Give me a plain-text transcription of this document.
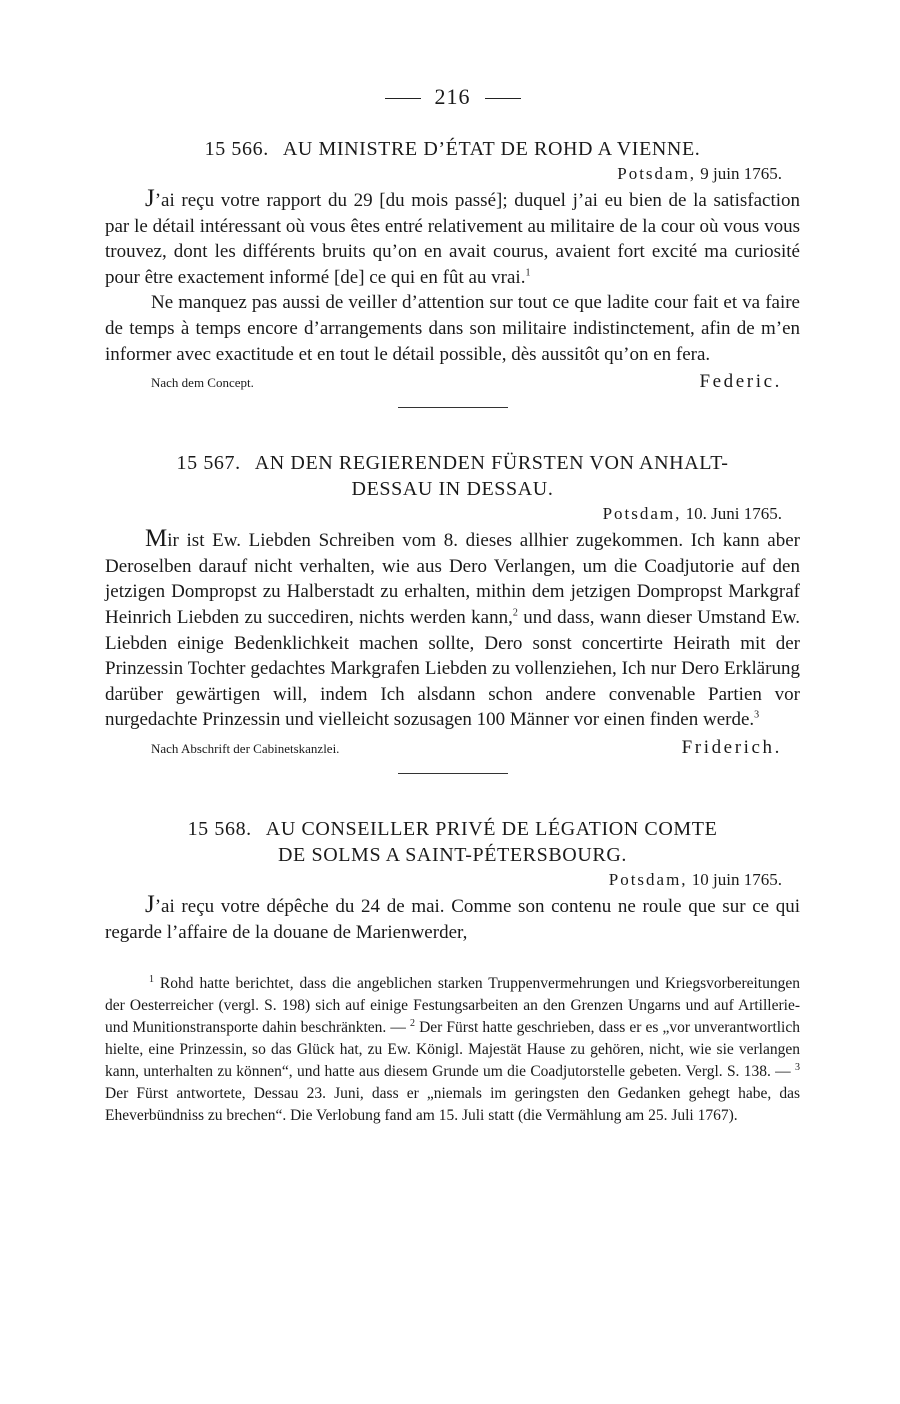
216

15 566. AU MINISTRE D’ÉTAT DE ROHD A VIENNE.

Potsdam, 9 juin 1765.

J’ai reçu votre rapport du 29 [du mois passé]; duquel j’ai eu bien de la satisfaction par le détail intéressant où vous êtes entré relativement au militaire de la cour où vous vous trouvez, dont les différents bruits qu’on en avait courus, avaient fort excité ma curiosité pour être exactement informé [de] ce qui en fût au vrai.$^1$

Ne manquez pas aussi de veiller d’attention sur tout ce que ladite cour fait et va faire de temps à temps encore d’arrangements dans son militaire indistinctement, afin de m’en informer avec exactitude et en tout le détail possible, dès aussitôt qu’on en fera.

Nach dem Concept.	Federic.

15 567. AN DEN REGIERENDEN FÜRSTEN VON ANHALT-
DESSAU IN DESSAU.

Potsdam, 10. Juni 1765.

Mir ist Ew. Liebden Schreiben vom 8. dieses allhier zugekommen. Ich kann aber Deroselben darauf nicht verhalten, wie aus Dero Verlangen, um die Coadjutorie auf den jetzigen Dompropst zu Halberstadt zu erhalten, mithin dem jetzigen Dompropst Markgraf Heinrich Liebden zu succediren, nichts werden kann,$^2$ und dass, wann dieser Umstand Ew. Liebden einige Bedenklichkeit machen sollte, Dero sonst concertirte Heirath mit der Prinzessin Tochter gedachtes Markgrafen Liebden zu vollenziehen, Ich nur Dero Erklärung darüber gewärtigen will, indem Ich alsdann schon andere convenable Partien vor nurgedachte Prinzessin und vielleicht sozusagen 100 Männer vor einen finden werde.$^3$

Nach Abschrift der Cabinetskanzlei.	Friderich.

15 568. AU CONSEILLER PRIVÉ DE LÉGATION COMTE
DE SOLMS A SAINT-PÉTERSBOURG.

Potsdam, 10 juin 1765.

J’ai reçu votre dépêche du 24 de mai. Comme son contenu ne roule que sur ce qui regarde l’affaire de la douane de Marienwerder,

$^1$ Rohd hatte berichtet, dass die angeblichen starken Truppenvermehrungen und Kriegsvorbereitungen der Oesterreicher (vergl. S. 198) sich auf einige Festungsarbeiten an den Grenzen Ungarns und auf Artillerie- und Munitionstransporte dahin beschränkten. — $^2$ Der Fürst hatte geschrieben, dass er es „vor unverantwortlich hielte, eine Prinzessin, so das Glück hat, zu Ew. Königl. Majestät Hause zu gehören, nicht, wie sie verlangen kann, unterhalten zu können“, und hatte aus diesem Grunde um die Coadjutorstelle gebeten. Vergl. S. 138. — $^3$ Der Fürst antwortete, Dessau 23. Juni, dass er „niemals im geringsten den Gedanken gehegt habe, das Eheverbündniss zu brechen“. Die Verlobung fand am 15. Juli statt (die Vermählung am 25. Juli 1767).
